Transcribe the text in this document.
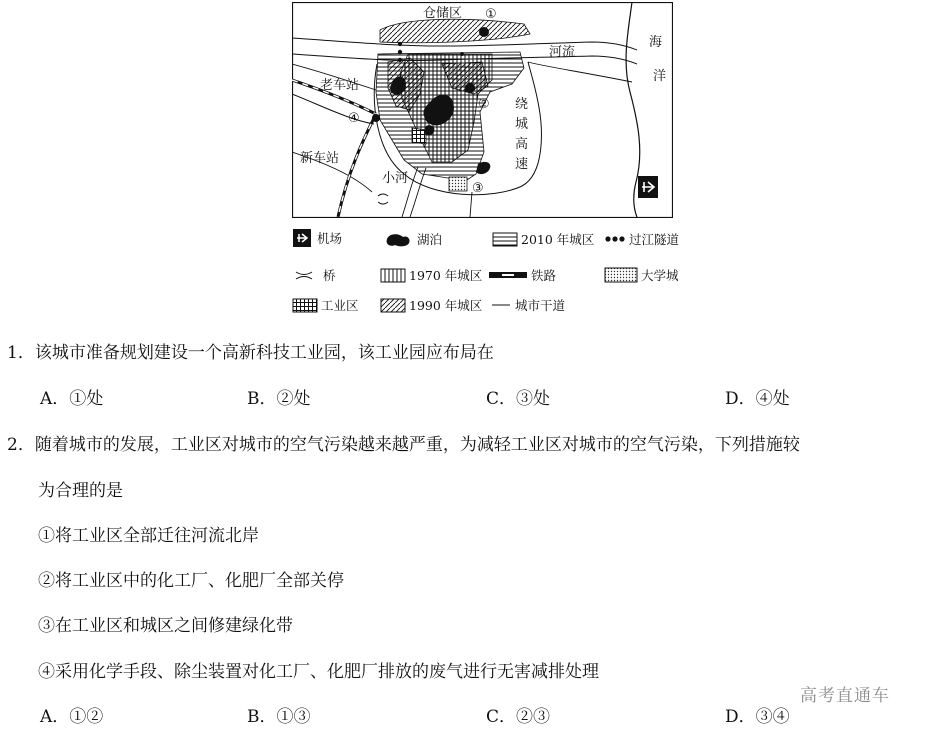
仓储区 ①
②
③
④
河流
海
洋
老车站
新车站
绕
城
高
速
小河
机场	湖泊	2010 年城区	过江隧道
桥	1970 年城区	铁路	大学城
工业区	1990 年城区	城市干道
1．该城市准备规划建设一个高新科技工业园，该工业园应布局在
A．①处	B．②处	C．③处	D．④处
2．随着城市的发展，工业区对城市的空气污染越来越严重，为减轻工业区对城市的空气污染，下列措施较
为合理的是
①将工业区全部迁往河流北岸
②将工业区中的化工厂、化肥厂全部关停
③在工业区和城区之间修建绿化带
④采用化学手段、除尘装置对化工厂、化肥厂排放的废气进行无害减排处理
A．①②	B．①③	C．②③	D．③④
高考直通车
